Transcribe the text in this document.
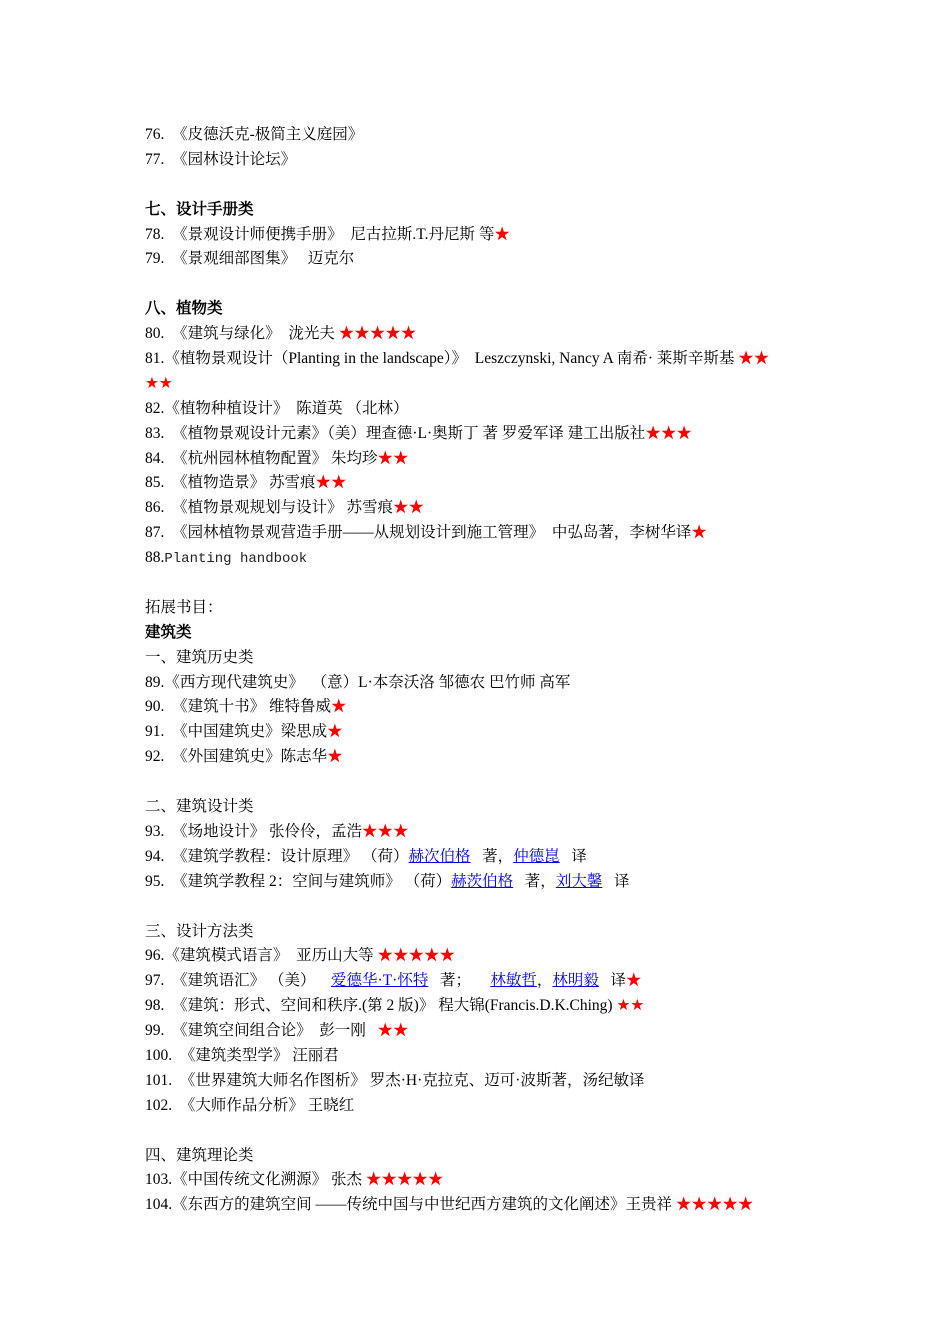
76. 《皮德沃克-极简主义庭园》
77. 《园林设计论坛》
七、设计手册类
78. 《景观设计师便携手册》 尼古拉斯.T.丹尼斯 等★
79. 《景观细部图集》 迈克尔
八、植物类
80. 《建筑与绿化》 泷光夫 ★★★★★
81.《植物景观设计（Planting in the landscape）》 Leszczynski, Nancy A 南希· 莱斯辛斯基 ★★
★★
82.《植物种植设计》 陈道英 （北林）
83. 《植物景观设计元素》（美）理查德·L·奥斯丁 著 罗爱军译 建工出版社★★★
84. 《杭州园林植物配置》 朱均珍★★
85. 《植物造景》 苏雪痕★★
86. 《植物景观规划与设计》 苏雪痕★★
87. 《园林植物景观营造手册——从规划设计到施工管理》 中弘岛著，李树华译★
88.Planting handbook
拓展书目：
建筑类
一、建筑历史类
89.《西方现代建筑史》 （意）L·本奈沃洛 邹德农 巴竹师 高军
90. 《建筑十书》 维特鲁威★
91. 《中国建筑史》梁思成★
92. 《外国建筑史》陈志华★
二、建筑设计类
93. 《场地设计》 张伶伶，孟浩★★★
94. 《建筑学教程：设计原理》 （荷）赫次伯格 著，仲德崑 译
95. 《建筑学教程 2：空间与建筑师》 （荷）赫茨伯格 著，刘大馨 译
三、设计方法类
96.《建筑模式语言》 亚历山大等 ★★★★★
97. 《建筑语汇》 （美） 爱德华·T·怀特 著； 林敏哲，林明毅 译★
98. 《建筑：形式、空间和秩序.(第 2 版)》 程大锦(Francis.D.K.Ching) ★★
99. 《建筑空间组合论》 彭一刚 ★★
100. 《建筑类型学》 汪丽君
101. 《世界建筑大师名作图析》 罗杰·H·克拉克、迈可·波斯著，汤纪敏译
102. 《大师作品分析》 王晓红
四、建筑理论类
103.《中国传统文化溯源》 张杰 ★★★★★
104.《东西方的建筑空间 ——传统中国与中世纪西方建筑的文化阐述》王贵祥 ★★★★★
